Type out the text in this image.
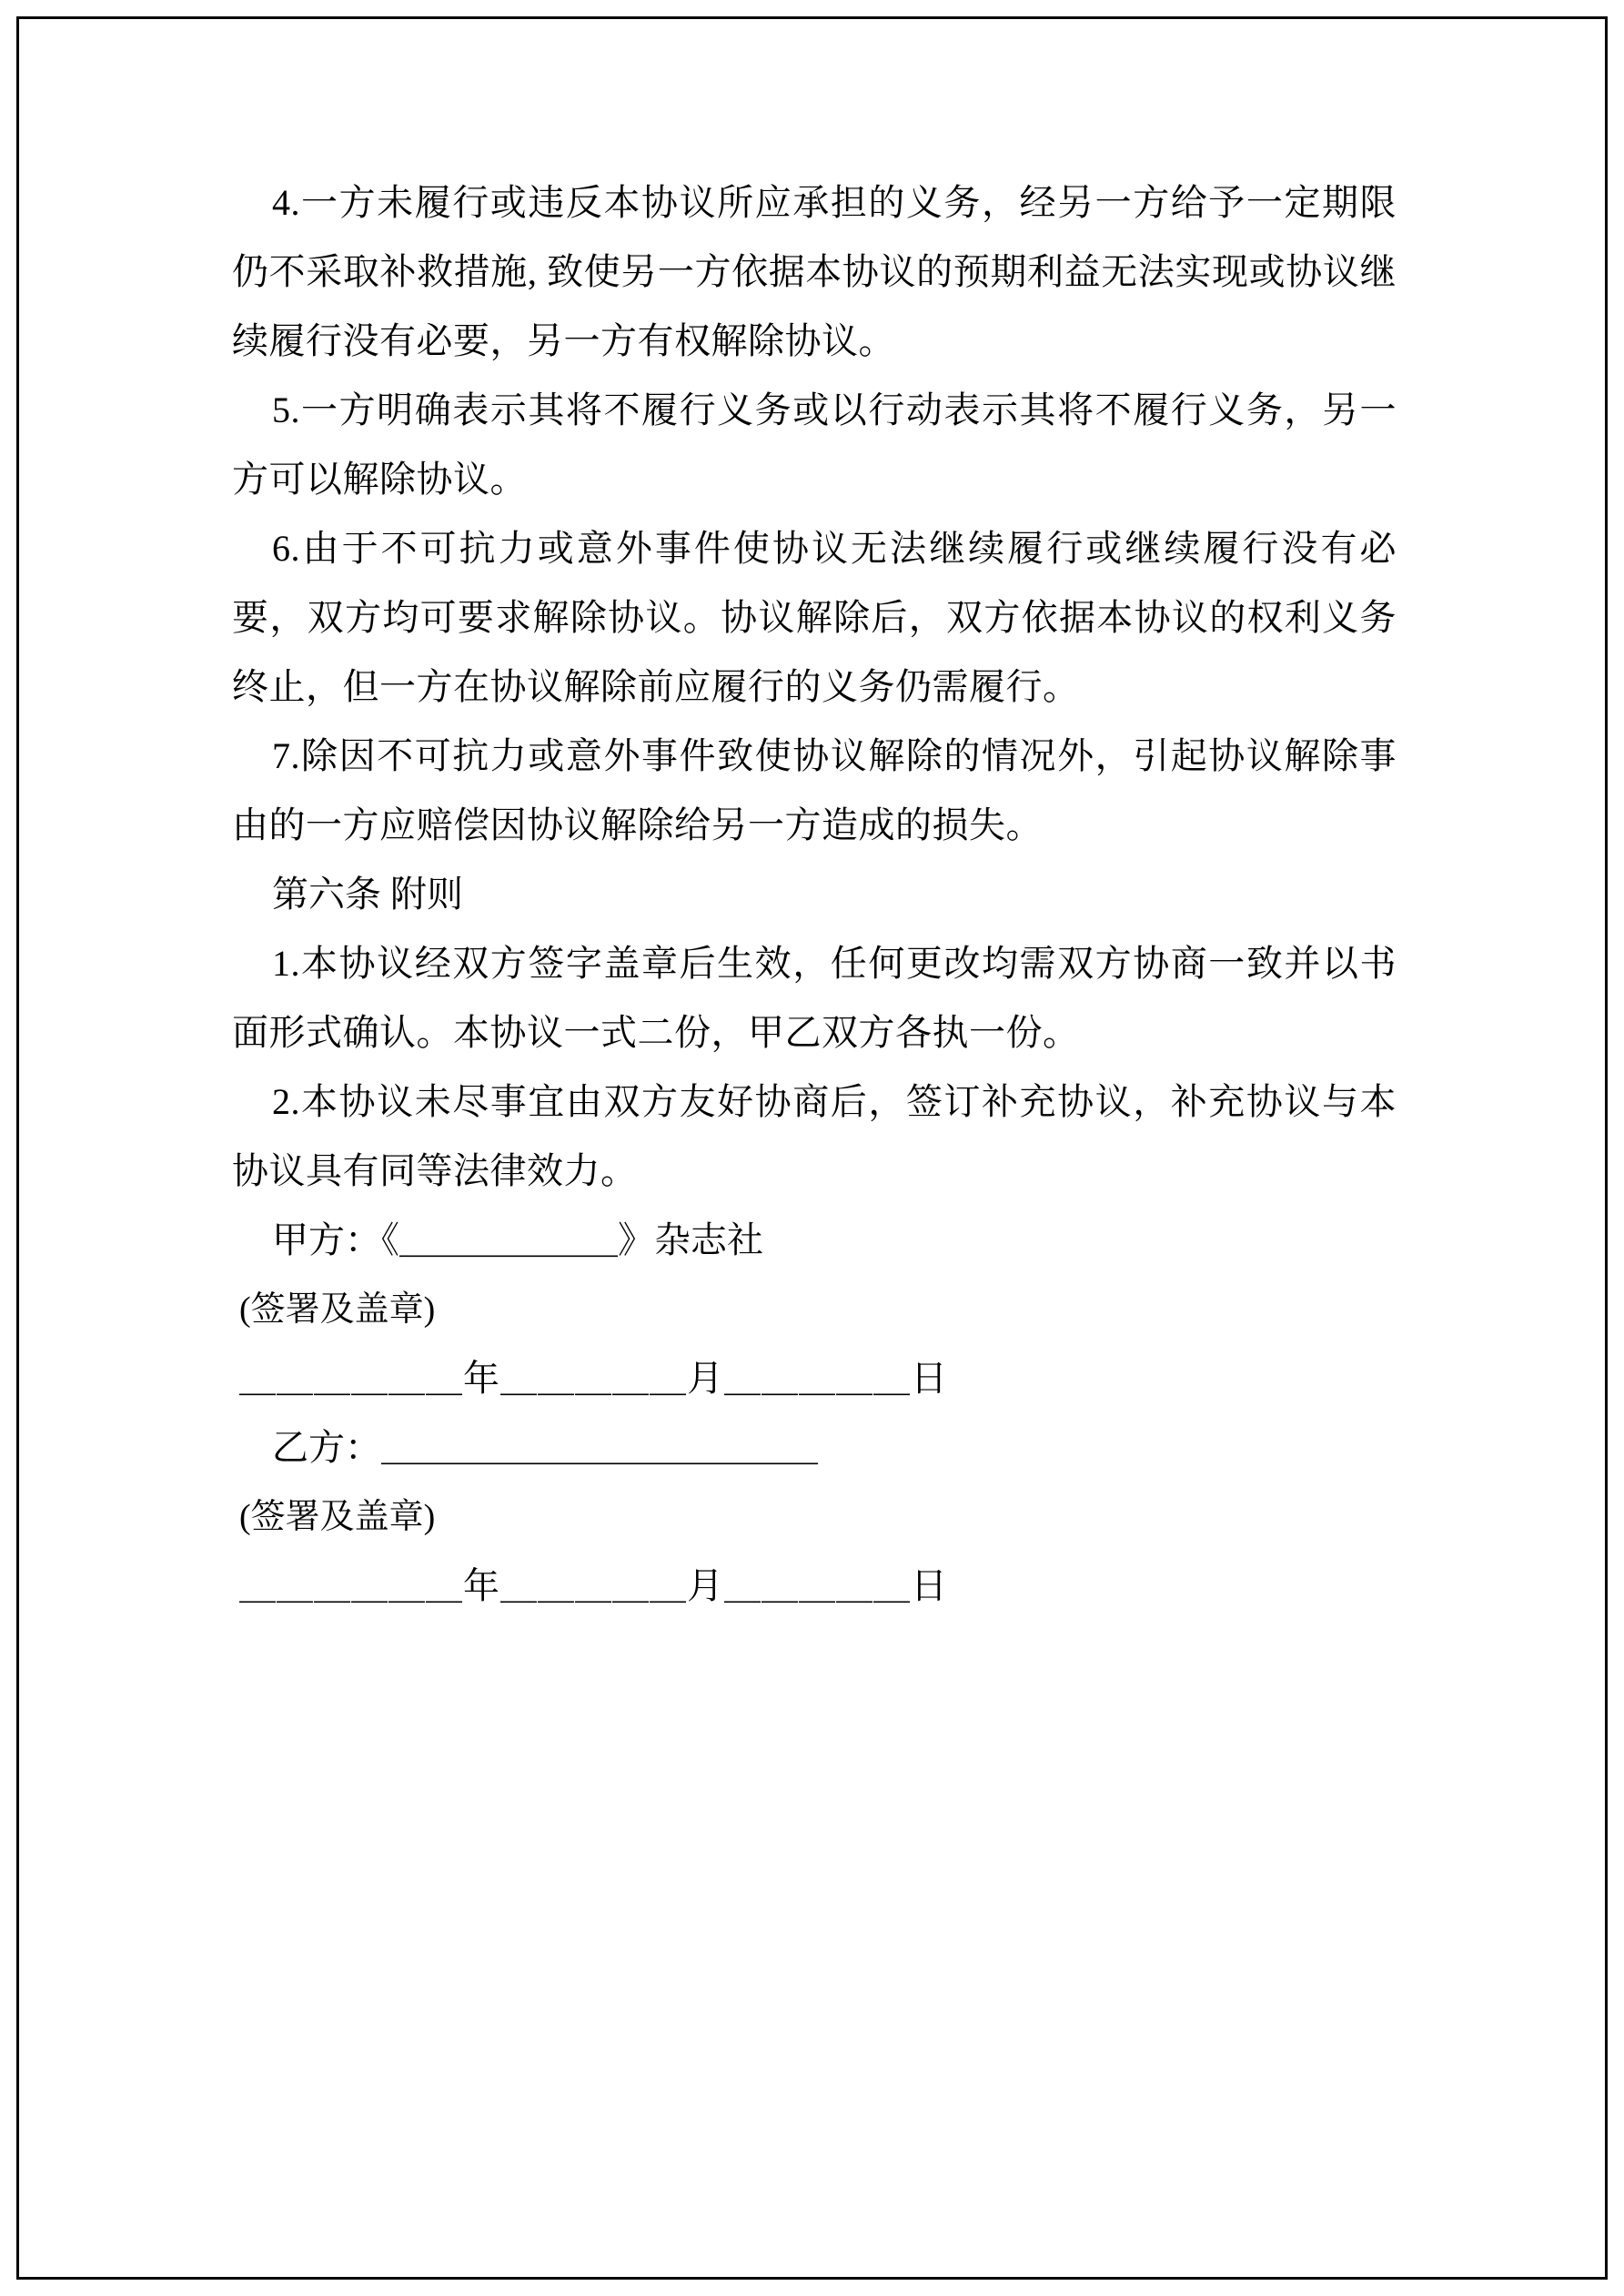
4.一方未履行或违反本协议所应承担的义务，经另一方给予一定期限仍不采取补救措施, 致使另一方依据本协议的预期利益无法实现或协议继续履行没有必要，另一方有权解除协议。

5.一方明确表示其将不履行义务或以行动表示其将不履行义务，另一方可以解除协议。

6.由于不可抗力或意外事件使协议无法继续履行或继续履行没有必要，双方均可要求解除协议。协议解除后，双方依据本协议的权利义务终止，但一方在协议解除前应履行的义务仍需履行。

7.除因不可抗力或意外事件致使协议解除的情况外，引起协议解除事由的一方应赔偿因协议解除给另一方造成的损失。

第六条 附则

1.本协议经双方签字盖章后生效，任何更改均需双方协商一致并以书面形式确认。本协议一式二份，甲乙双方各执一份。

2.本协议未尽事宜由双方友好协商后，签订补充协议，补充协议与本协议具有同等法律效力。

甲方：《＿＿＿＿＿＿》杂志社

(签署及盖章)

＿＿＿＿＿＿年＿＿＿＿＿月＿＿＿＿＿日

乙方：＿＿＿＿＿＿＿＿＿＿＿＿

(签署及盖章)

＿＿＿＿＿＿年＿＿＿＿＿月＿＿＿＿＿日
